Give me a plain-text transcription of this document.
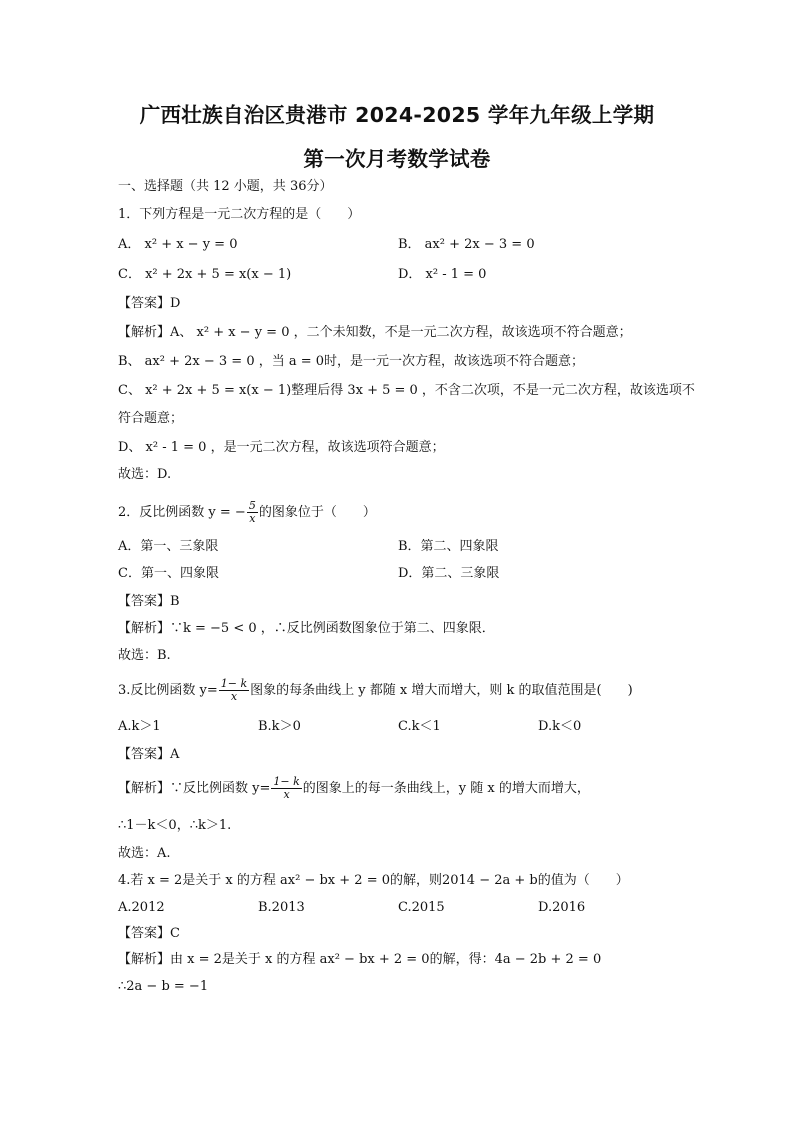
广西壮族自治区贵港市 2024-2025 学年九年级上学期
第一次月考数学试卷
一、选择题（共 12 小题，共 36分）
1．下列方程是一元二次方程的是（　　）
A． x² + x − y = 0	B． ax² + 2x − 3 = 0
C． x² + 2x + 5 = x(x − 1)	D． x² - 1 = 0
【答案】D
【解析】A、 x² + x − y = 0 ，二个未知数，不是一元二次方程，故该选项不符合题意；
B、 ax² + 2x − 3 = 0 ，当 a = 0时，是一元一次方程，故该选项不符合题意；
C、 x² + 2x + 5 = x(x − 1)整理后得 3x + 5 = 0 ，不含二次项，不是一元二次方程，故该选项不
符合题意；
D、 x² - 1 = 0 ，是一元二次方程，故该选项符合题意；
故选：D.
2．反比例函数 y = − $\frac{5}{x}$ 的图象位于（　　）
A．第一、三象限	B．第二、四象限
C．第一、四象限	D．第二、三象限
【答案】B
【解析】∵k = −5 < 0 ，∴反比例函数图象位于第二、四象限．
故选：B.
3.反比例函数 $y= \frac{1- k}{x}$ 图象的每条曲线上 y 都随 x 增大而增大，则 k 的取值范围是(　　)
A.k＞1	B.k＞0	C.k＜1	D.k＜0
【答案】A
【解析】∵反比例函数 $y= \frac{1- k}{x}$ 的图象上的每一条曲线上，y 随 x 的增大而增大，
∴1－k＜0，∴k＞1.
故选：A.
4.若 x = 2是关于 x 的方程 ax² − bx + 2 = 0的解，则2014 − 2a + b的值为（　　）
A.2012	B.2013	C.2015	D.2016
【答案】C
【解析】由 x = 2是关于 x 的方程 ax² − bx + 2 = 0的解，得：4a − 2b + 2 = 0
∴2a − b = −1
